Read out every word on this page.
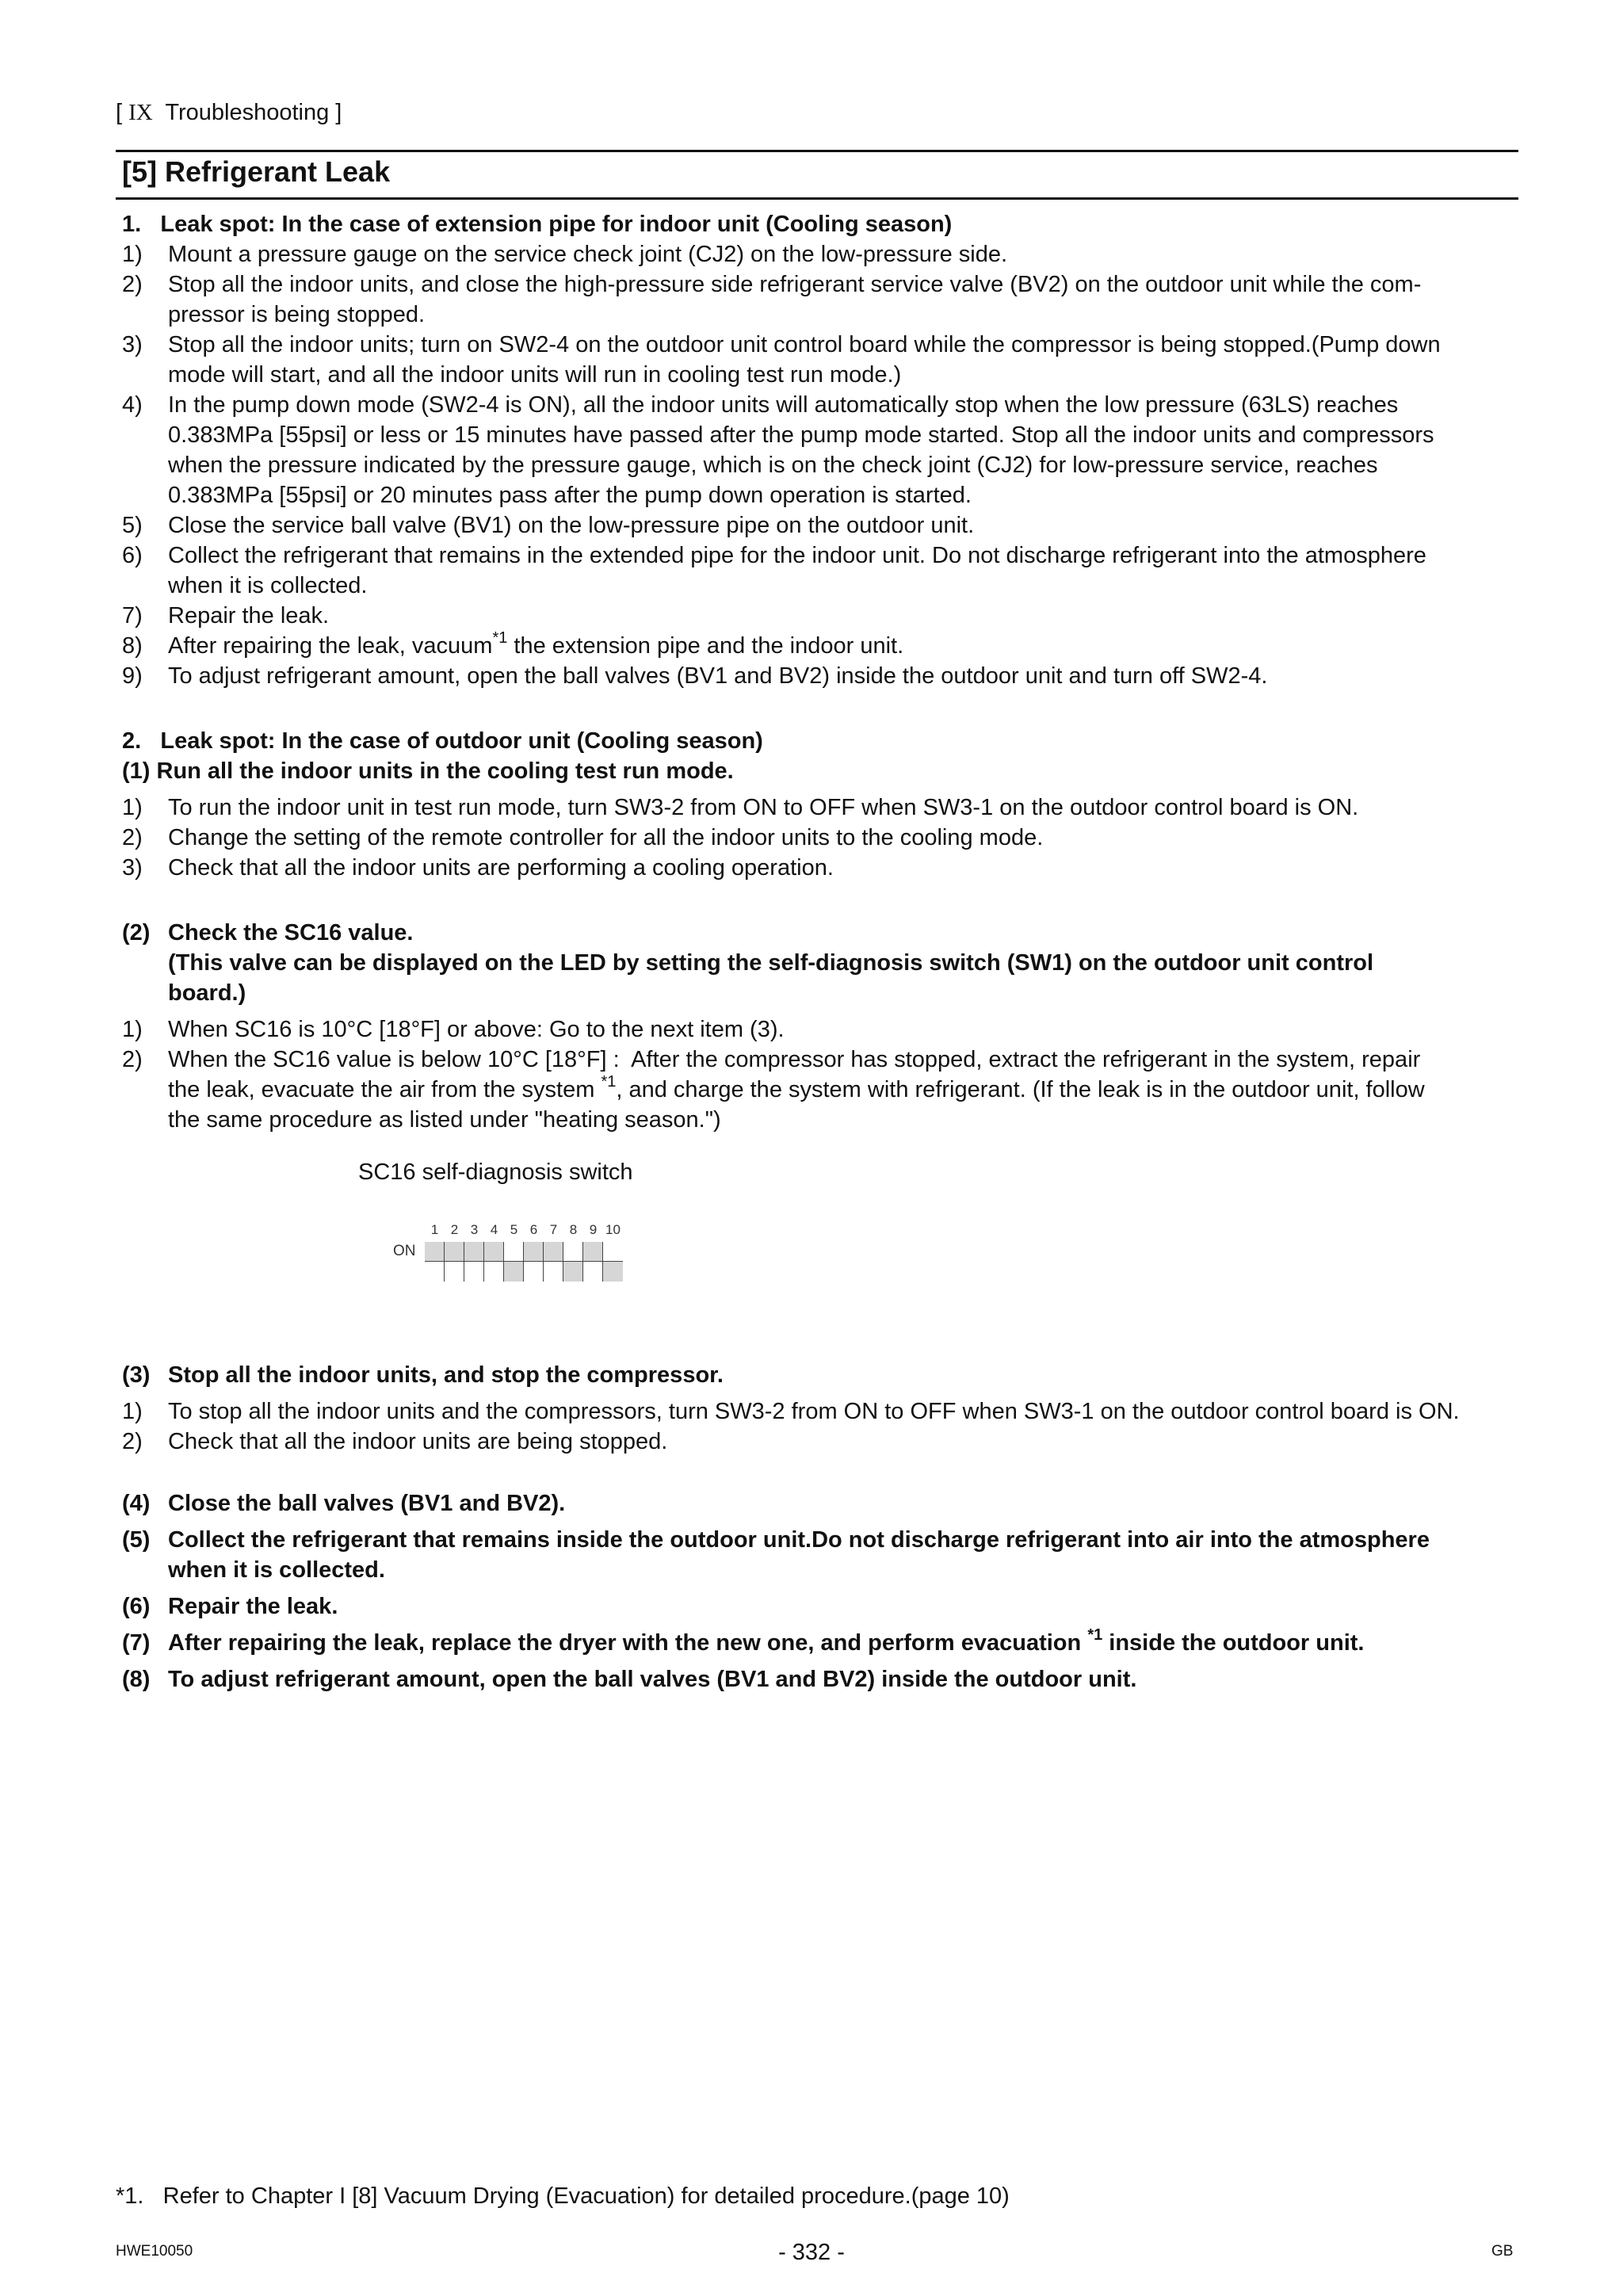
[ IX Troubleshooting ]
[5] Refrigerant Leak
1.   Leak spot: In the case of extension pipe for indoor unit (Cooling season)
1) Mount a pressure gauge on the service check joint (CJ2) on the low-pressure side.
2) Stop all the indoor units, and close the high-pressure side refrigerant service valve (BV2) on the outdoor unit while the com-
pressor is being stopped.
3) Stop all the indoor units; turn on SW2-4 on the outdoor unit control board while the compressor is being stopped.(Pump down
mode will start, and all the indoor units will run in cooling test run mode.)
4) In the pump down mode (SW2-4 is ON), all the indoor units will automatically stop when the low pressure (63LS) reaches
0.383MPa [55psi] or less or 15 minutes have passed after the pump mode started. Stop all the indoor units and compressors
when the pressure indicated by the pressure gauge, which is on the check joint (CJ2) for low-pressure service, reaches
0.383MPa [55psi] or 20 minutes pass after the pump down operation is started.
5) Close the service ball valve (BV1) on the low-pressure pipe on the outdoor unit.
6) Collect the refrigerant that remains in the extended pipe for the indoor unit. Do not discharge refrigerant into the atmosphere
when it is collected.
7) Repair the leak.
8) After repairing the leak, vacuum$^{*1}$ the extension pipe and the indoor unit.
9) To adjust refrigerant amount, open the ball valves (BV1 and BV2) inside the outdoor unit and turn off SW2-4.
2.   Leak spot: In the case of outdoor unit (Cooling season)
(1) Run all the indoor units in the cooling test run mode.
1) To run the indoor unit in test run mode, turn SW3-2 from ON to OFF when SW3-1 on the outdoor control board is ON.
2) Change the setting of the remote controller for all the indoor units to the cooling mode.
3) Check that all the indoor units are performing a cooling operation.
(2) Check the SC16 value.
(This valve can be displayed on the LED by setting the self-diagnosis switch (SW1) on the outdoor unit control
board.)
1) When SC16 is 10°C [18°F] or above: Go to the next item (3).
2) When the SC16 value is below 10°C [18°F] :  After the compressor has stopped, extract the refrigerant in the system, repair
the leak, evacuate the air from the system $^{*1}$, and charge the system with refrigerant. (If the leak is in the outdoor unit, follow
the same procedure as listed under "heating season.")
SC16 self-diagnosis switch
1 2 3 4 5 6 7 8 9 10
ON
(3) Stop all the indoor units, and stop the compressor.
1) To stop all the indoor units and the compressors, turn SW3-2 from ON to OFF when SW3-1 on the outdoor control board is ON.
2) Check that all the indoor units are being stopped.
(4) Close the ball valves (BV1 and BV2).
(5) Collect the refrigerant that remains inside the outdoor unit.Do not discharge refrigerant into air into the atmosphere
when it is collected.
(6) Repair the leak.
(7) After repairing the leak, replace the dryer with the new one, and perform evacuation $^{*1}$ inside the outdoor unit.
(8) To adjust refrigerant amount, open the ball valves (BV1 and BV2) inside the outdoor unit.
*1. Refer to Chapter I [8] Vacuum Drying (Evacuation) for detailed procedure.(page 10)
HWE10050	- 332 -	GB
